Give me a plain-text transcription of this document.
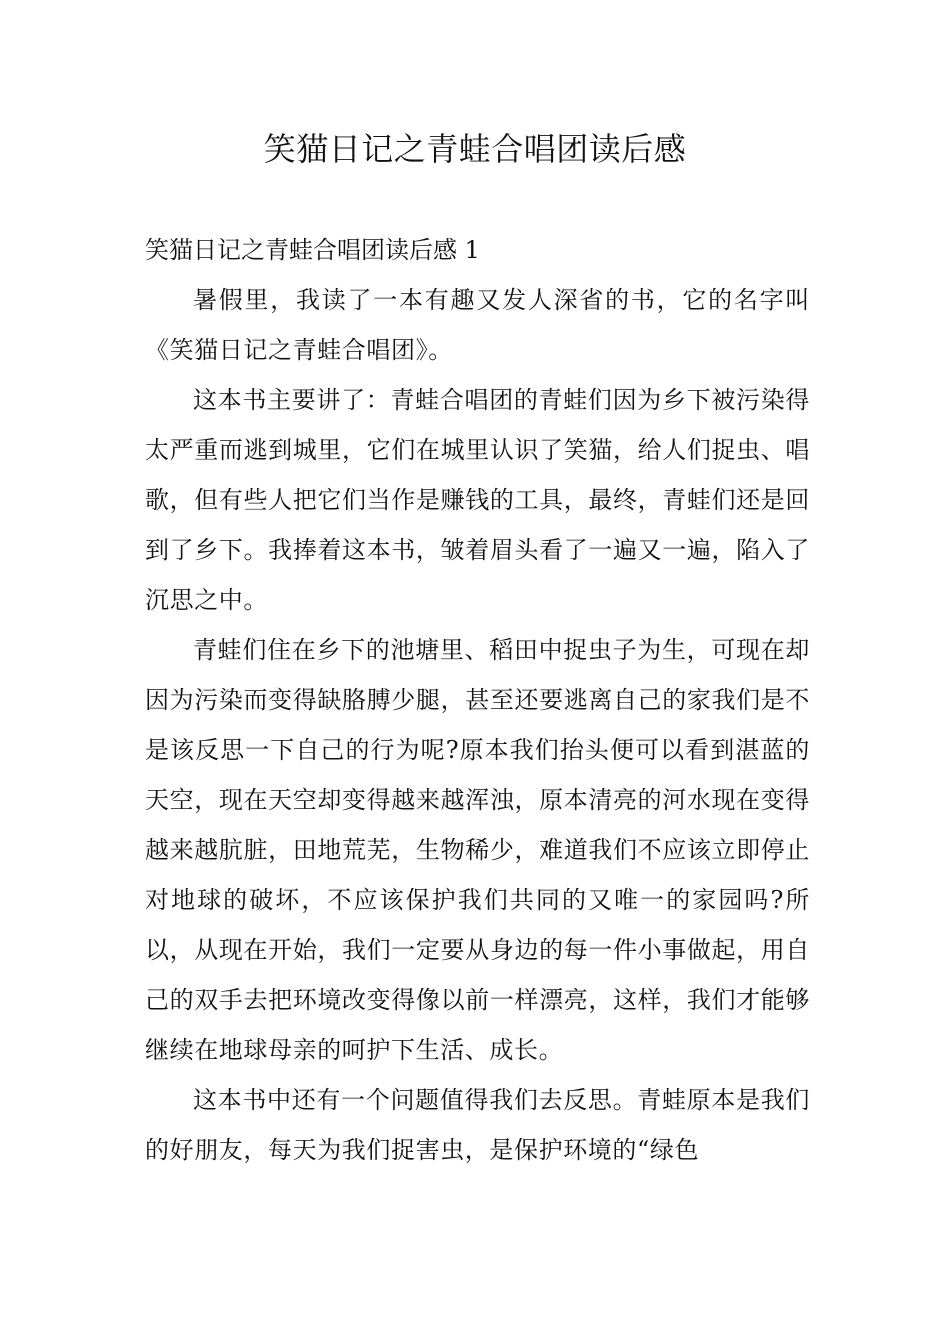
笑猫日记之青蛙合唱团读后感

笑猫日记之青蛙合唱团读后感 1

暑假里，我读了一本有趣又发人深省的书，它的名字叫《笑猫日记之青蛙合唱团》。

这本书主要讲了：青蛙合唱团的青蛙们因为乡下被污染得太严重而逃到城里，它们在城里认识了笑猫，给人们捉虫、唱歌，但有些人把它们当作是赚钱的工具，最终，青蛙们还是回到了乡下。我捧着这本书，皱着眉头看了一遍又一遍，陷入了沉思之中。

青蛙们住在乡下的池塘里、稻田中捉虫子为生，可现在却因为污染而变得缺胳膊少腿，甚至还要逃离自己的家我们是不是该反思一下自己的行为呢?原本我们抬头便可以看到湛蓝的天空，现在天空却变得越来越浑浊，原本清亮的河水现在变得越来越肮脏，田地荒芜，生物稀少，难道我们不应该立即停止对地球的破坏，不应该保护我们共同的又唯一的家园吗?所以，从现在开始，我们一定要从身边的每一件小事做起，用自己的双手去把环境改变得像以前一样漂亮，这样，我们才能够继续在地球母亲的呵护下生活、成长。

这本书中还有一个问题值得我们去反思。青蛙原本是我们的好朋友，每天为我们捉害虫，是保护环境的“绿色
